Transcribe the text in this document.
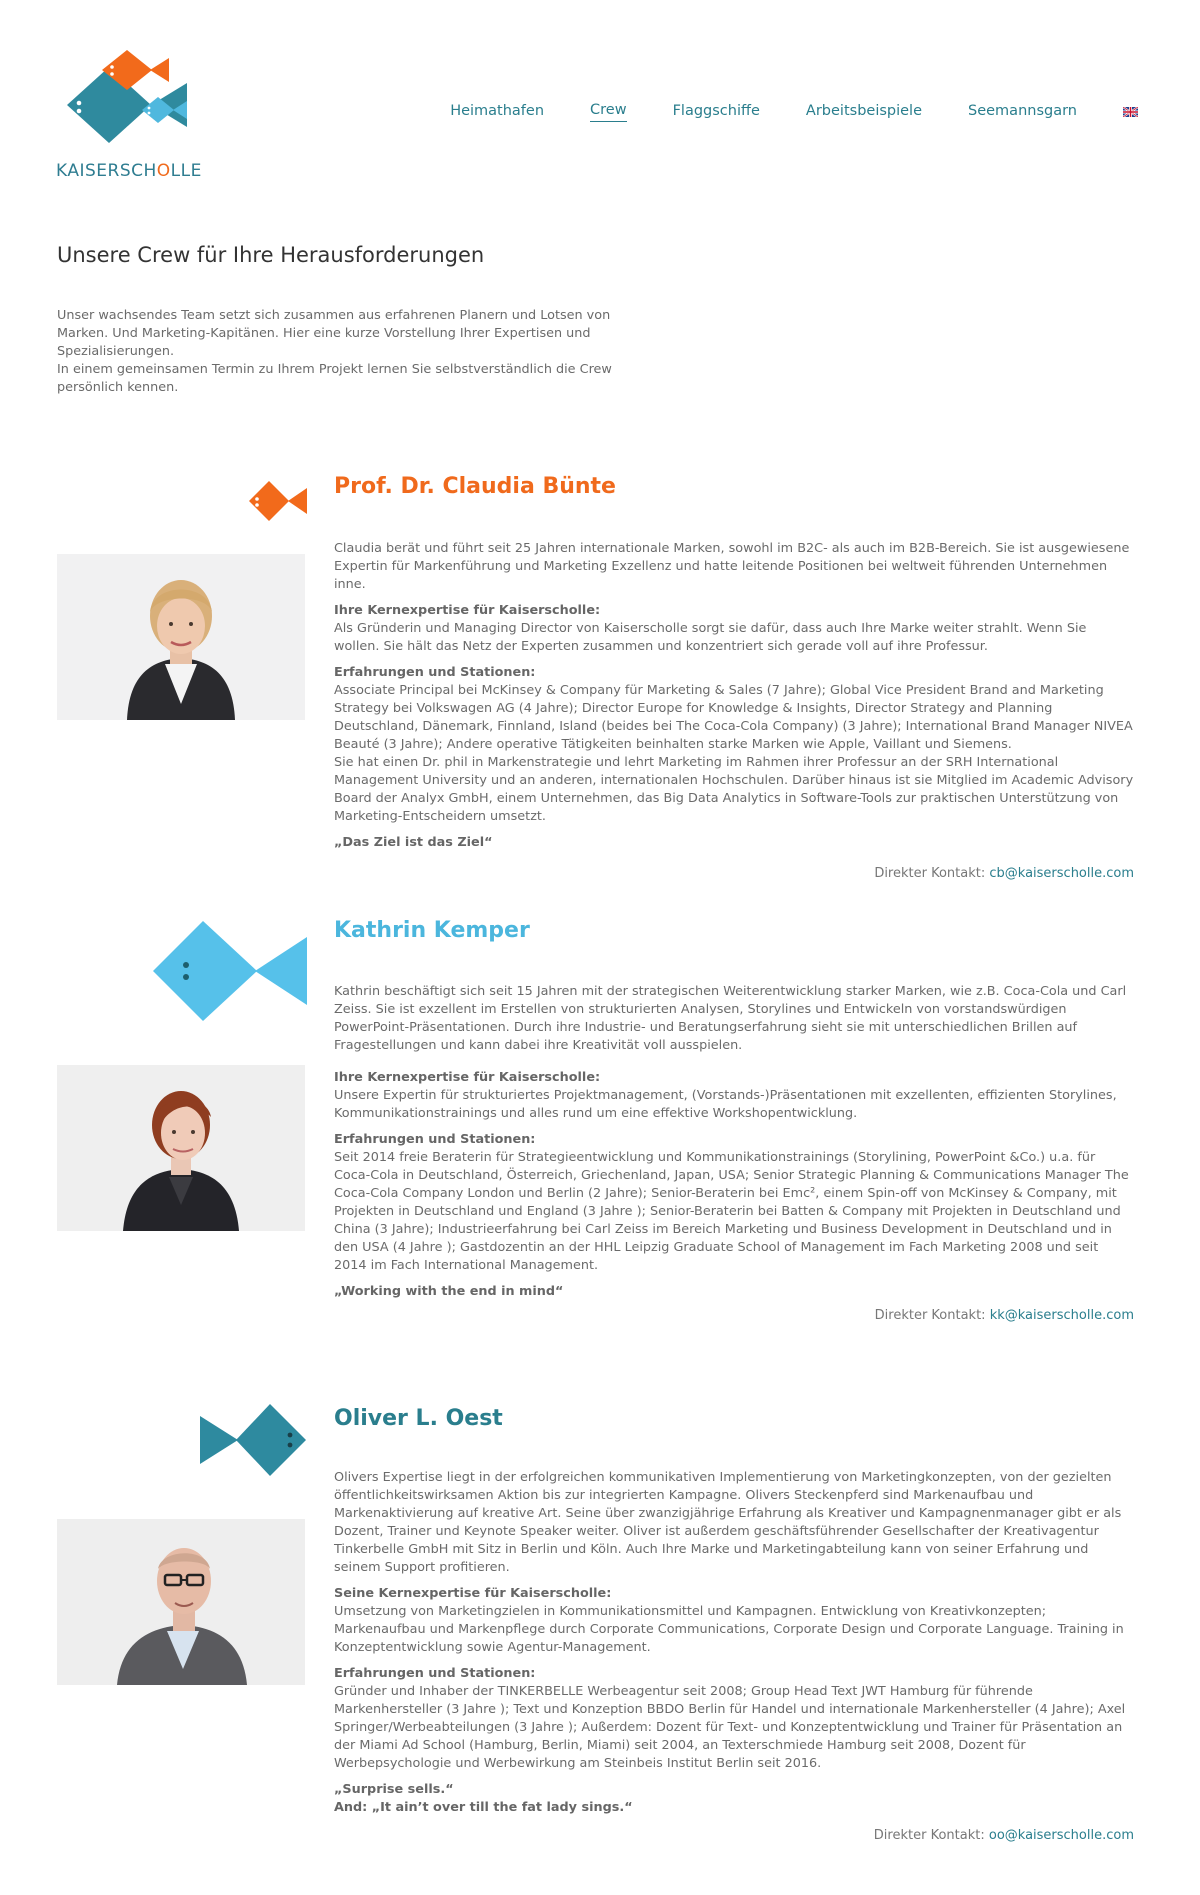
KAISERSCHOLLE
Heimathafen	Crew	Flaggschiffe	Arbeitsbeispiele	Seemannsgarn
Unsere Crew für Ihre Herausforderungen
Unser wachsendes Team setzt sich zusammen aus erfahrenen Planern und Lotsen von Marken. Und Marketing-Kapitänen. Hier eine kurze Vorstellung Ihrer Expertisen und Spezialisierungen.
In einem gemeinsamen Termin zu Ihrem Projekt lernen Sie selbstverständlich die Crew persönlich kennen.
Prof. Dr. Claudia Bünte

Claudia berät und führt seit 25 Jahren internationale Marken, sowohl im B2C- als auch im B2B-Bereich. Sie ist ausgewiesene Expertin für Markenführung und Marketing Exzellenz und hatte leitende Positionen bei weltweit führenden Unternehmen inne.

Ihre Kernexpertise für Kaiserscholle:
Als Gründerin und Managing Director von Kaiserscholle sorgt sie dafür, dass auch Ihre Marke weiter strahlt. Wenn Sie wollen. Sie hält das Netz der Experten zusammen und konzentriert sich gerade voll auf ihre Professur.

Erfahrungen und Stationen:
Associate Principal bei McKinsey & Company für Marketing & Sales (7 Jahre); Global Vice President Brand and Marketing Strategy bei Volkswagen AG (4 Jahre); Director Europe for Knowledge & Insights, Director Strategy and Planning Deutschland, Dänemark, Finnland, Island (beides bei The Coca-Cola Company) (3 Jahre); International Brand Manager NIVEA Beauté (3 Jahre); Andere operative Tätigkeiten beinhalten starke Marken wie Apple, Vaillant und Siemens.
Sie hat einen Dr. phil in Markenstrategie und lehrt Marketing im Rahmen ihrer Professur an der SRH International Management University und an anderen, internationalen Hochschulen. Darüber hinaus ist sie Mitglied im Academic Advisory Board der Analyx GmbH, einem Unternehmen, das Big Data Analytics in Software-Tools zur praktischen Unterstützung von Marketing-Entscheidern umsetzt.

„Das Ziel ist das Ziel“

Direkter Kontakt: cb@kaiserscholle.com
Kathrin Kemper

Kathrin beschäftigt sich seit 15 Jahren mit der strategischen Weiterentwicklung starker Marken, wie z.B. Coca-Cola und Carl Zeiss. Sie ist exzellent im Erstellen von strukturierten Analysen, Storylines und Entwickeln von vorstandswürdigen PowerPoint-Präsentationen. Durch ihre Industrie- und Beratungserfahrung sieht sie mit unterschiedlichen Brillen auf Fragestellungen und kann dabei ihre Kreativität voll ausspielen.

Ihre Kernexpertise für Kaiserscholle:
Unsere Expertin für strukturiertes Projektmanagement, (Vorstands-)Präsentationen mit exzellenten, effizienten Storylines, Kommunikationstrainings und alles rund um eine effektive Workshopentwicklung.

Erfahrungen und Stationen:
Seit 2014 freie Beraterin für Strategieentwicklung und Kommunikationstrainings (Storylining, PowerPoint &Co.) u.a. für Coca-Cola in Deutschland, Österreich, Griechenland, Japan, USA; Senior Strategic Planning & Communications Manager The Coca-Cola Company London und Berlin (2 Jahre); Senior-Beraterin bei Emc², einem Spin-off von McKinsey & Company, mit Projekten in Deutschland und England (3 Jahre ); Senior-Beraterin bei Batten & Company mit Projekten in Deutschland und China (3 Jahre); Industrieerfahrung bei Carl Zeiss im Bereich Marketing und Business Development in Deutschland und in den USA (4 Jahre ); Gastdozentin an der HHL Leipzig Graduate School of Management im Fach Marketing 2008 und seit 2014 im Fach International Management.

„Working with the end in mind“

Direkter Kontakt: kk@kaiserscholle.com
Oliver L. Oest

Olivers Expertise liegt in der erfolgreichen kommunikativen Implementierung von Marketingkonzepten, von der gezielten öffentlichkeitswirksamen Aktion bis zur integrierten Kampagne. Olivers Steckenpferd sind Markenaufbau und Markenaktivierung auf kreative Art. Seine über zwanzigjährige Erfahrung als Kreativer und Kampagnenmanager gibt er als Dozent, Trainer und Keynote Speaker weiter. Oliver ist außerdem geschäftsführender Gesellschafter der Kreativagentur Tinkerbelle GmbH mit Sitz in Berlin und Köln. Auch Ihre Marke und Marketingabteilung kann von seiner Erfahrung und seinem Support profitieren.

Seine Kernexpertise für Kaiserscholle:
Umsetzung von Marketingzielen in Kommunikationsmittel und Kampagnen. Entwicklung von Kreativkonzepten; Markenaufbau und Markenpflege durch Corporate Communications, Corporate Design und Corporate Language. Training in Konzeptentwicklung sowie Agentur-Management.

Erfahrungen und Stationen:
Gründer und Inhaber der TINKERBELLE Werbeagentur seit 2008; Group Head Text JWT Hamburg für führende Markenhersteller (3 Jahre ); Text und Konzeption BBDO Berlin für Handel und internationale Markenhersteller (4 Jahre); Axel Springer/Werbeabteilungen (3 Jahre ); Außerdem: Dozent für Text- und Konzeptentwicklung und Trainer für Präsentation an der Miami Ad School (Hamburg, Berlin, Miami) seit 2004, an Texterschmiede Hamburg seit 2008, Dozent für Werbepsychologie und Werbewirkung am Steinbeis Institut Berlin seit 2016.

„Surprise sells.“
And: „It ain’t over till the fat lady sings.“

Direkter Kontakt: oo@kaiserscholle.com
